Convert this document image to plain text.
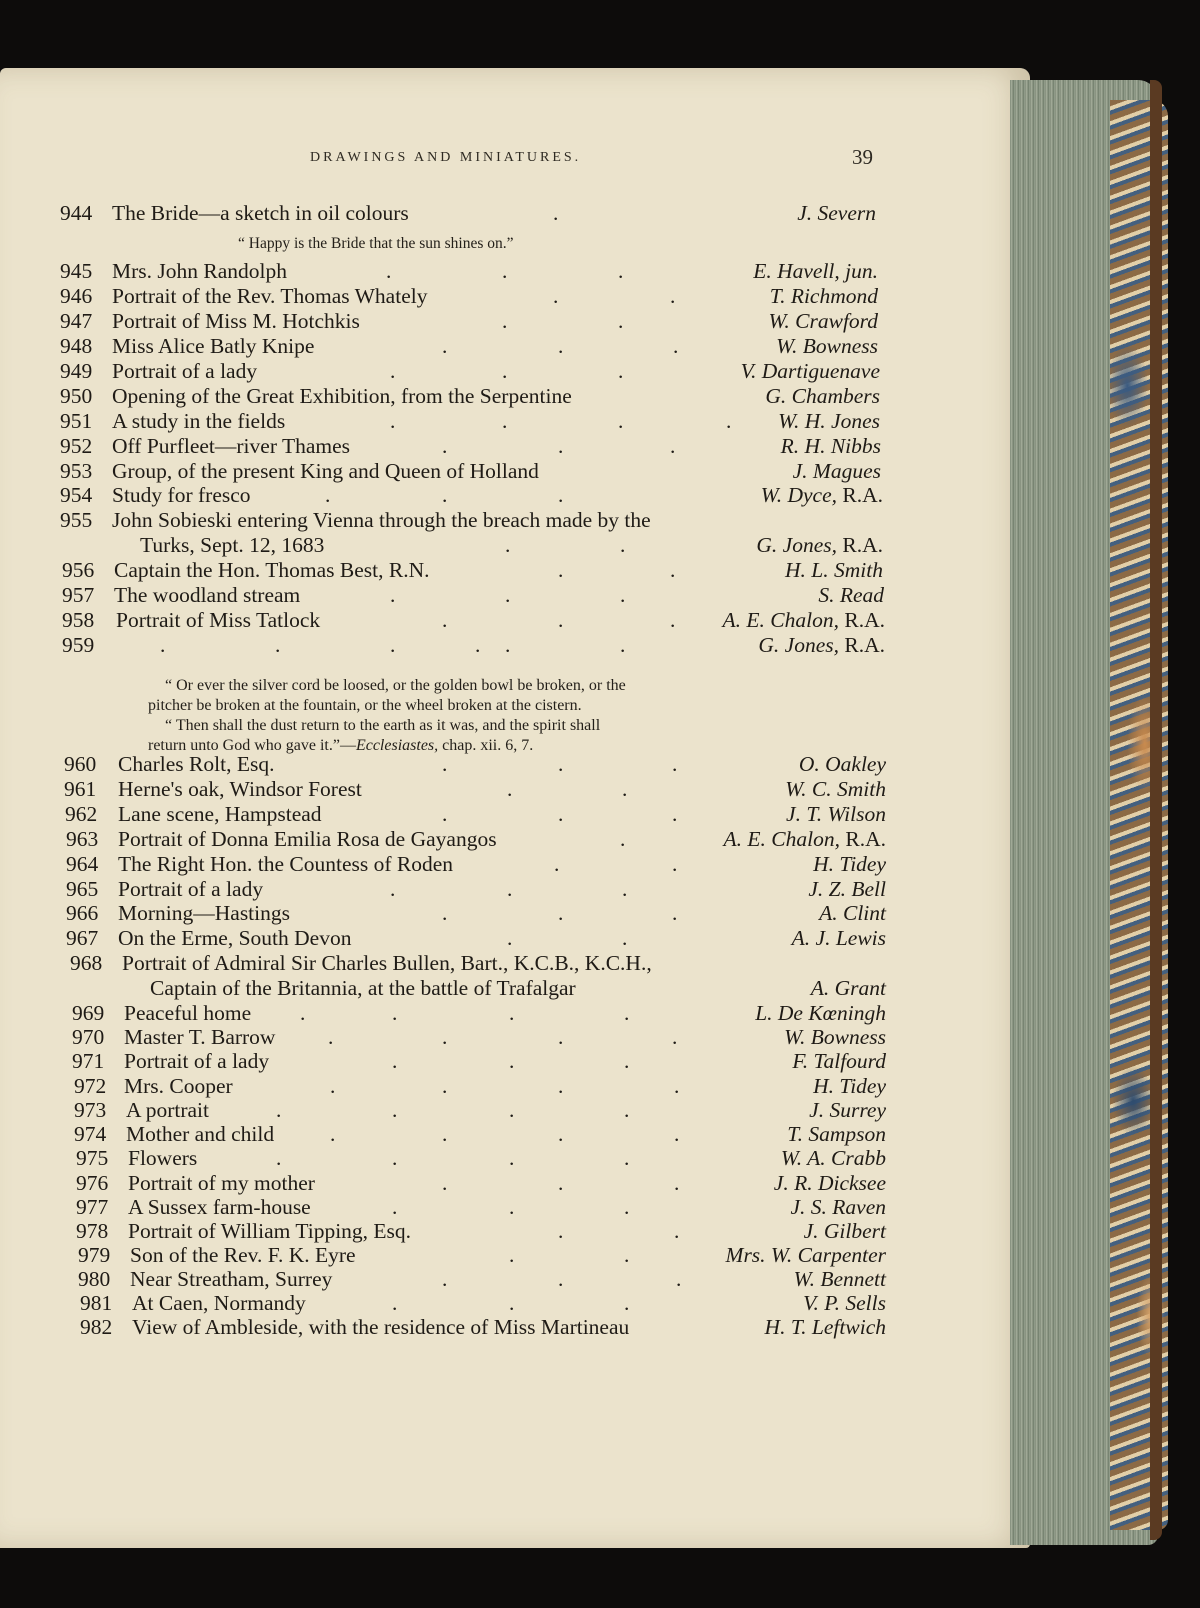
DRAWINGS AND MINIATURES.	39
944 The Bride—a sketch in oil colours	.	J. Severn
945 Mrs. John Randolph	.	.	.	E. Havell, jun.
946 Portrait of the Rev. Thomas Whately	.	.	T. Richmond
947 Portrait of Miss M. Hotchkis	.	.	W. Crawford
948 Miss Alice Batly Knipe	.	.	.	W. Bowness
949 Portrait of a lady	.	.	.	V. Dartiguenave
950 Opening of the Great Exhibition, from the Serpentine	G. Chambers
951 A study in the fields	.	.	.	. W. H. Jones
952 Off Purfleet—river Thames	.	.	.	R. H. Nibbs
953 Group, of the present King and Queen of Holland	J. Magues
954 Study for fresco	.	.	.	W. Dyce, R.A.
955 John Sobieski entering Vienna through the breach made by the
Turks, Sept. 12, 1683	.	.	G. Jones, R.A.
956 Captain the Hon. Thomas Best, R.N.	.	.	H. L. Smith
957 The woodland stream	.	.	.	S. Read
958 Portrait of Miss Tatlock	.	.	. A. E. Chalon, R.A.
959	.	.	.	. .	.	G. Jones, R.A.
960 Charles Rolt, Esq.	.	.	.	O. Oakley
961 Herne's oak, Windsor Forest	.	.	W. C. Smith
962 Lane scene, Hampstead	.	.	.	J. T. Wilson
963 Portrait of Donna Emilia Rosa de Gayangos	.	A. E. Chalon, R.A.
964 The Right Hon. the Countess of Roden	.	.	H. Tidey
965 Portrait of a lady	.	.	.	J. Z. Bell
966 Morning—Hastings	.	.	.	A. Clint
967 On the Erme, South Devon	.	.	A. J. Lewis
968 Portrait of Admiral Sir Charles Bullen, Bart., K.C.B., K.C.H.,
Captain of the Britannia, at the battle of Trafalgar	A. Grant
969 Peaceful home .	.	.	.	L. De Kœningh
970 Master T. Barrow .	.	.	.	W. Bowness
971 Portrait of a lady	.	.	.	F. Talfourd
972 Mrs. Cooper	.	.	.	.	H. Tidey
973 A portrait	.	.	.	.	J. Surrey
974 Mother and child	.	.	.	.	T. Sampson
975 Flowers	.	.	.	.	W. A. Crabb
976 Portrait of my mother	.	.	.	J. R. Dicksee
977 A Sussex farm-house	.	.	.	J. S. Raven
978 Portrait of William Tipping, Esq.	.	.	J. Gilbert
979 Son of the Rev. F. K. Eyre	.	.	Mrs. W. Carpenter
980 Near Streatham, Surrey	.	.	.	W. Bennett
981 At Caen, Normandy	.	.	.	V. P. Sells
982 View of Ambleside, with the residence of Miss Martineau	H. T. Leftwich
“ Happy is the Bride that the sun shines on.”
“ Or ever the silver cord be loosed, or the golden bowl be broken, or the
pitcher be broken at the fountain, or the wheel broken at the cistern.
“ Then shall the dust return to the earth as it was, and the spirit shall
return unto God who gave it.”—Ecclesiastes, chap. xii. 6, 7.
